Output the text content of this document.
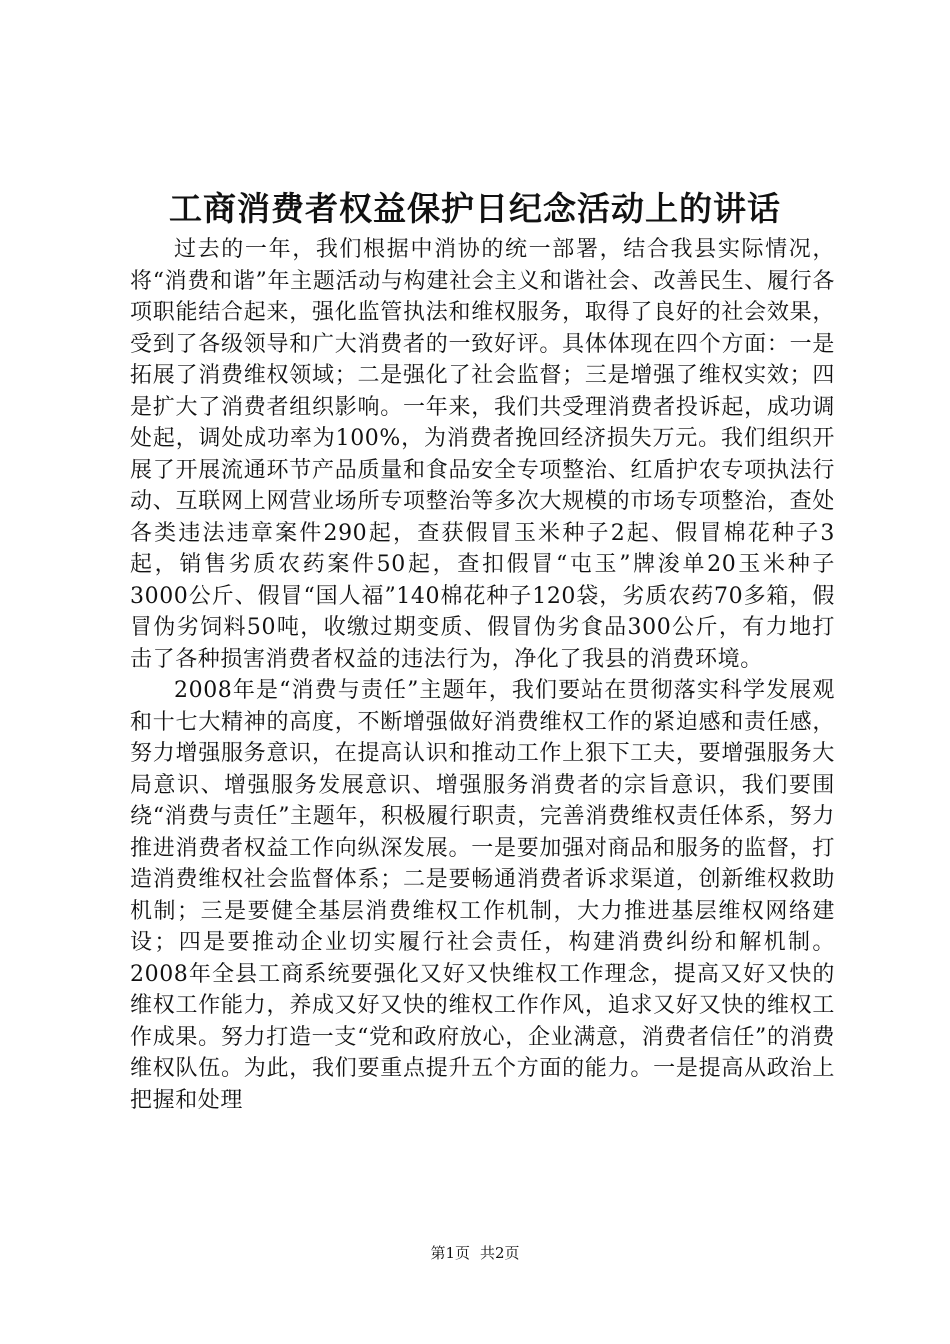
工商消费者权益保护日纪念活动上的讲话

过去的一年，我们根据中消协的统一部署，结合我县实际情况，将“消费和谐”年主题活动与构建社会主义和谐社会、改善民生、履行各项职能结合起来，强化监管执法和维权服务，取得了良好的社会效果，受到了各级领导和广大消费者的一致好评。具体体现在四个方面：一是拓展了消费维权领域；二是强化了社会监督；三是增强了维权实效；四是扩大了消费者组织影响。一年来，我们共受理消费者投诉起，成功调处起，调处成功率为100%，为消费者挽回经济损失万元。我们组织开展了开展流通环节产品质量和食品安全专项整治、红盾护农专项执法行动、互联网上网营业场所专项整治等多次大规模的市场专项整治，查处各类违法违章案件290起，查获假冒玉米种子2起、假冒棉花种子3起，销售劣质农药案件50起，查扣假冒“屯玉”牌浚单20玉米种子3000公斤、假冒“国人福”140棉花种子120袋，劣质农药70多箱，假冒伪劣饲料50吨，收缴过期变质、假冒伪劣食品300公斤，有力地打击了各种损害消费者权益的违法行为，净化了我县的消费环境。

2008年是“消费与责任”主题年，我们要站在贯彻落实科学发展观和十七大精神的高度，不断增强做好消费维权工作的紧迫感和责任感，努力增强服务意识，在提高认识和推动工作上狠下工夫，要增强服务大局意识、增强服务发展意识、增强服务消费者的宗旨意识，我们要围绕“消费与责任”主题年，积极履行职责，完善消费维权责任体系，努力推进消费者权益工作向纵深发展。一是要加强对商品和服务的监督，打造消费维权社会监督体系；二是要畅通消费者诉求渠道，创新维权救助机制；三是要健全基层消费维权工作机制，大力推进基层维权网络建设；四是要推动企业切实履行社会责任，构建消费纠纷和解机制。2008年全县工商系统要强化又好又快维权工作理念，提高又好又快的维权工作能力，养成又好又快的维权工作作风，追求又好又快的维权工作成果。努力打造一支“党和政府放心，企业满意，消费者信任”的消费维权队伍。为此，我们要重点提升五个方面的能力。一是提高从政治上把握和处理

第1页 共2页
